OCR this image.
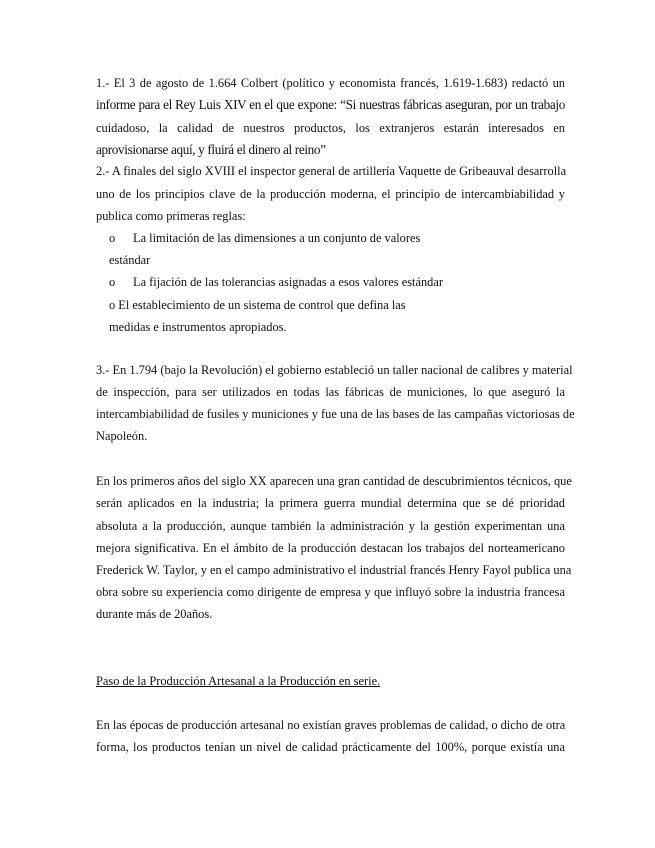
1.- El 3 de agosto de 1.664 Colbert (político y economista francés, 1.619-1.683) redactó un
informe para el Rey Luis XIV en el que expone: “Si nuestras fábricas aseguran, por un trabajo
cuidadoso, la calidad de nuestros productos, los extranjeros estarán interesados en
aprovisionarse aquí, y fluirá el dinero al reino”
2.- A finales del siglo XVIII el inspector general de artillería Vaquette de Gribeauval desarrolla
uno de los principios clave de la producción moderna, el principio de intercambiabilidad y
publica como primeras reglas:
o La limitación de las dimensiones a un conjunto de valores
estándar
o La fijación de las tolerancias asignadas a esos valores estándar
o El establecimiento de un sistema de control que defina las
medidas e instrumentos apropiados.
3.- En 1.794 (bajo la Revolución) el gobierno estableció un taller nacional de calibres y material
de inspección, para ser utilizados en todas las fábricas de municiones, lo que aseguró la
intercambiabilidad de fusiles y municiones y fue una de las bases de las campañas victoriosas de
Napoleón.
En los primeros años del siglo XX aparecen una gran cantidad de descubrimientos técnicos, que
serán aplicados en la industria; la primera guerra mundial determina que se dé prioridad
absoluta a la producción, aunque también la administración y la gestión experimentan una
mejora significativa. En el ámbito de la producción destacan los trabajos del norteamericano
Frederick W. Taylor, y en el campo administrativo el industrial francés Henry Fayol publica una
obra sobre su experiencia como dirigente de empresa y que influyó sobre la industria francesa
durante más de 20años.
Paso de la Producción Artesanal a la Producción en serie.
En las épocas de producción artesanal no existían graves problemas de calidad, o dicho de otra
forma, los productos tenían un nivel de calidad prácticamente del 100%, porque existía una
